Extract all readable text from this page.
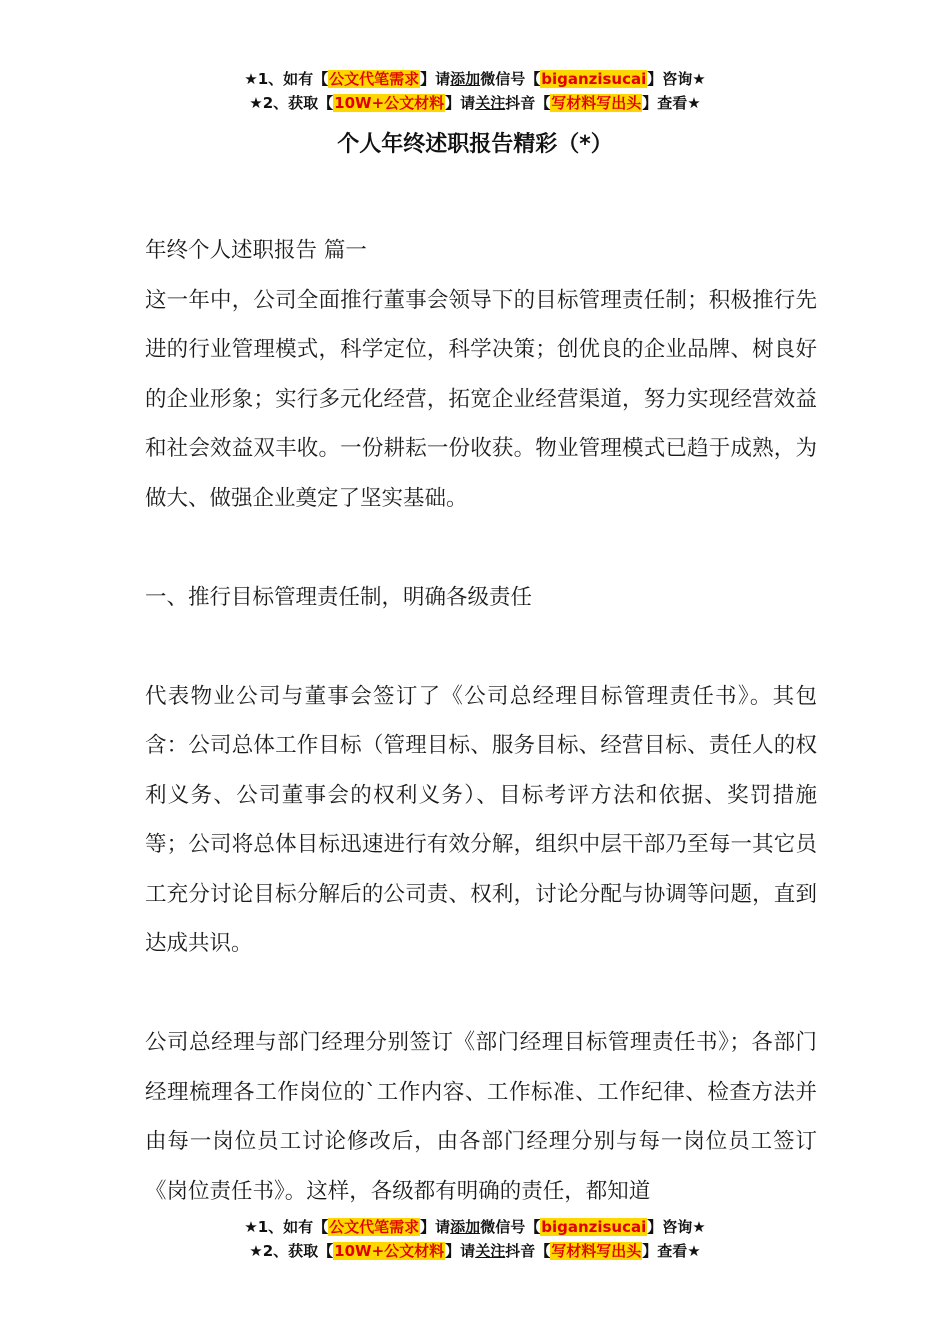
★1、如有【公文代笔需求】请添加微信号【biganzisucai】咨询★
★2、获取【10W+公文材料】请关注抖音【写材料写出头】查看★
个人年终述职报告精彩（*）

年终个人述职报告 篇一

这一年中，公司全面推行董事会领导下的目标管理责任制；积极推行先进的行业管理模式，科学定位，科学决策；创优良的企业品牌、树良好的企业形象；实行多元化经营，拓宽企业经营渠道，努力实现经营效益和社会效益双丰收。一份耕耘一份收获。物业管理模式已趋于成熟，为做大、做强企业奠定了坚实基础。

一、推行目标管理责任制，明确各级责任

代表物业公司与董事会签订了《公司总经理目标管理责任书》。其包含：公司总体工作目标（管理目标、服务目标、经营目标、责任人的权利义务、公司董事会的权利义务）、目标考评方法和依据、奖罚措施等；公司将总体目标迅速进行有效分解，组织中层干部乃至每一其它员工充分讨论目标分解后的公司责、权利，讨论分配与协调等问题，直到达成共识。

公司总经理与部门经理分别签订《部门经理目标管理责任书》；各部门经理梳理各工作岗位的`工作内容、工作标准、工作纪律、检查方法并由每一岗位员工讨论修改后，由各部门经理分别与每一岗位员工签订《岗位责任书》。这样，各级都有明确的责任，都知道

★1、如有【公文代笔需求】请添加微信号【biganzisucai】咨询★
★2、获取【10W+公文材料】请关注抖音【写材料写出头】查看★
